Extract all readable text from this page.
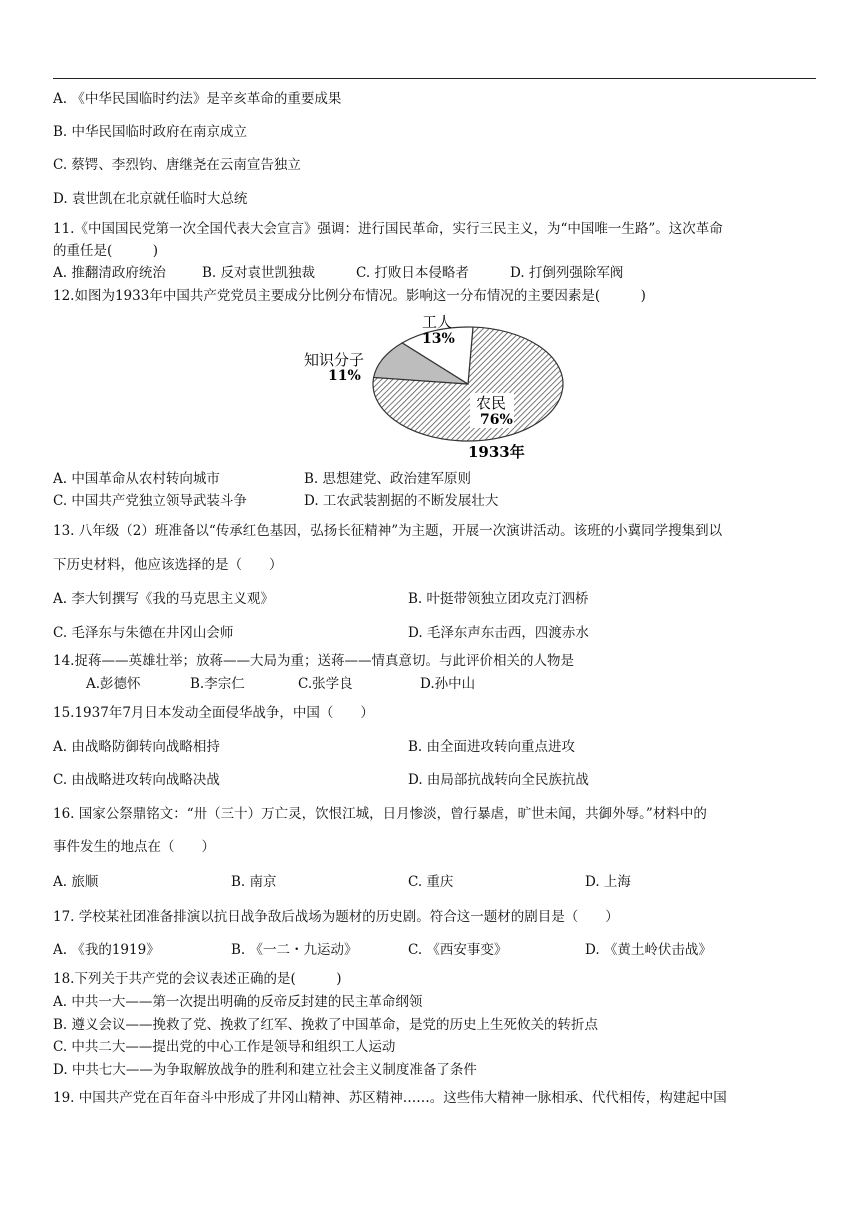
A. 《中华民国临时约法》是辛亥革命的重要成果
B. 中华民国临时政府在南京成立
C. 蔡锷、李烈钧、唐继尧在云南宣告独立
D. 袁世凯在北京就任临时大总统
11.《中国国民党第一次全国代表大会宣言》强调：进行国民革命，实行三民主义，为“中国唯一生路”。这次革命
的重任是(　　　)
A. 推翻清政府统治	B. 反对袁世凯独裁	C. 打败日本侵略者	D. 打倒列强除军阀
12.如图为1933年中国共产党党员主要成分比例分布情况。影响这一分布情况的主要因素是(　　　)
工人
13%
知识分子
11%
农民
76%
1933年
A. 中国革命从农村转向城市	B. 思想建党、政治建军原则
C. 中国共产党独立领导武装斗争	D. 工农武装割据的不断发展壮大
13. 八年级（2）班准备以“传承红色基因，弘扬长征精神”为主题，开展一次演讲活动。该班的小冀同学搜集到以
下历史材料，他应该选择的是（　　）
A. 李大钊撰写《我的马克思主义观》	B. 叶挺带领独立团攻克汀泗桥
C. 毛泽东与朱德在井冈山会师	D. 毛泽东声东击西，四渡赤水
14.捉蒋——英雄壮举；放蒋——大局为重；送蒋——情真意切。与此评价相关的人物是
A.彭德怀	B.李宗仁	C.张学良	D.孙中山
15.1937年7月日本发动全面侵华战争，中国（　　）
A. 由战略防御转向战略相持	B. 由全面进攻转向重点进攻
C. 由战略进攻转向战略决战	D. 由局部抗战转向全民族抗战
16. 国家公祭鼎铭文：“卅（三十）万亡灵，饮恨江城，日月惨淡，曾行暴虐，旷世未闻，共御外辱。”材料中的
事件发生的地点在（　　）
A. 旅顺	B. 南京	C. 重庆	D. 上海
17. 学校某社团准备排演以抗日战争敌后战场为题材的历史剧。符合这一题材的剧目是（　　）
A. 《我的1919》	B. 《一二・九运动》	C. 《西安事变》	D. 《黄土岭伏击战》
18.下列关于共产党的会议表述正确的是(　　　)
A. 中共一大——第一次提出明确的反帝反封建的民主革命纲领
B. 遵义会议——挽救了党、挽救了红军、挽救了中国革命，是党的历史上生死攸关的转折点
C. 中共二大——提出党的中心工作是领导和组织工人运动
D. 中共七大——为争取解放战争的胜利和建立社会主义制度准备了条件
19. 中国共产党在百年奋斗中形成了井冈山精神、苏区精神……。这些伟大精神一脉相承、代代相传，构建起中国
